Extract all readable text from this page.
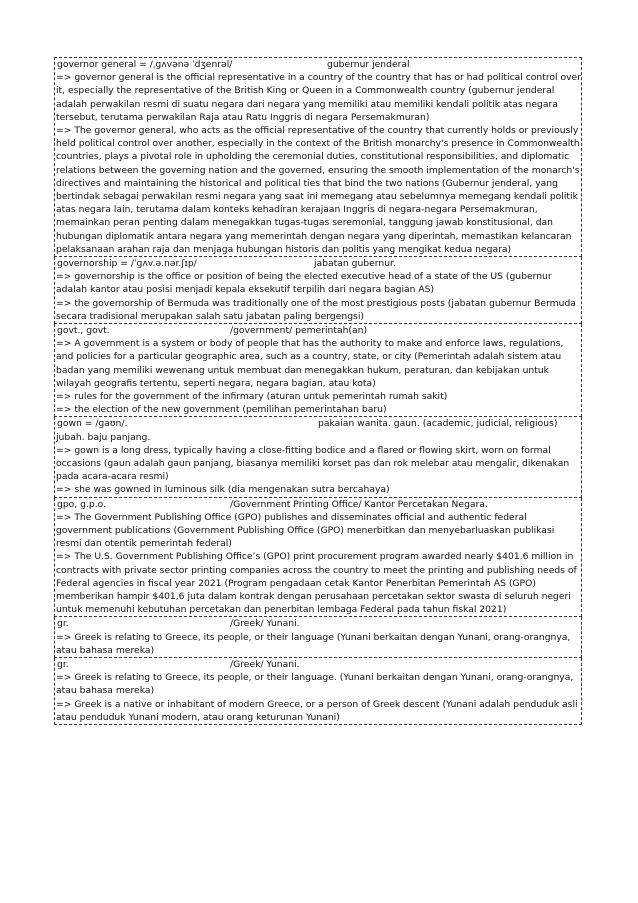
governor general = /ˌɡʌvənə ˈdʒenrəl/	gubernur jenderal
=> governor general is the official representative in a country of the country that has or had political control over it, especially the representative of the British King or Queen in a Commonwealth country (gubernur jenderal adalah perwakilan resmi di suatu negara dari negara yang memiliki atau memiliki kendali politik atas negara tersebut, terutama perwakilan Raja atau Ratu Inggris di negara Persemakmuran)
=> The governor general, who acts as the official representative of the country that currently holds or previously held political control over another, especially in the context of the British monarchy's presence in Commonwealth countries, plays a pivotal role in upholding the ceremonial duties, constitutional responsibilities, and diplomatic relations between the governing nation and the governed, ensuring the smooth implementation of the monarch's directives and maintaining the historical and political ties that bind the two nations (Gubernur jenderal, yang bertindak sebagai perwakilan resmi negara yang saat ini memegang atau sebelumnya memegang kendali politik atas negara lain, terutama dalam konteks kehadiran kerajaan Inggris di negara-negara Persemakmuran, memainkan peran penting dalam menegakkan tugas-tugas seremonial, tanggung jawab konstitusional, dan hubungan diplomatik antara negara yang memerintah dengan negara yang diperintah, memastikan kelancaran pelaksanaan arahan raja dan menjaga hubungan historis dan politis yang mengikat kedua negara)
governorship = /ˈɡʌv.ə.nər.ʃɪp/	jabatan gubernur.
=> governorship is the office or position of being the elected executive head of a state of the US (gubernur adalah kantor atau posisi menjadi kepala eksekutif terpilih dari negara bagian AS)
=> the governorship of Bermuda was traditionally one of the most prestigious posts (jabatan gubernur Bermuda secara tradisional merupakan salah satu jabatan paling bergengsi)
govt., govt.	/government/ pemerintah(an)
=> A government is a system or body of people that has the authority to make and enforce laws, regulations, and policies for a particular geographic area, such as a country, state, or city (Pemerintah adalah sistem atau badan yang memiliki wewenang untuk membuat dan menegakkan hukum, peraturan, dan kebijakan untuk wilayah geografis tertentu, seperti negara, negara bagian, atau kota)
=> rules for the government of the infirmary (aturan untuk pemerintah rumah sakit)
=> the election of the new government (pemilihan pemerintahan baru)
gown = /ɡaʊn/.	pakaian wanita. gaun. (academic, judicial, religious)
jubah. baju panjang.
=> gown is a long dress, typically having a close-fitting bodice and a flared or flowing skirt, worn on formal occasions (gaun adalah gaun panjang, biasanya memiliki korset pas dan rok melebar atau mengalir, dikenakan pada acara-acara resmi)
=> she was gowned in luminous silk (dia mengenakan sutra bercahaya)
gpo, g.p.o.	/Government Printing Office/ Kantor Percetakan Negara.
=> The Government Publishing Office (GPO) publishes and disseminates official and authentic federal government publications (Government Publishing Office (GPO) menerbitkan dan menyebarluaskan publikasi resmi dan otentik pemerintah federal)
=> The U.S. Government Publishing Office’s (GPO) print procurement program awarded nearly $401.6 million in contracts with private sector printing companies across the country to meet the printing and publishing needs of Federal agencies in fiscal year 2021 (Program pengadaan cetak Kantor Penerbitan Pemerintah AS (GPO) memberikan hampir $401,6 juta dalam kontrak dengan perusahaan percetakan sektor swasta di seluruh negeri untuk memenuhi kebutuhan percetakan dan penerbitan lembaga Federal pada tahun fiskal 2021)
gr.	/Greek/ Yunani.
=> Greek is relating to Greece, its people, or their language (Yunani berkaitan dengan Yunani, orang-orangnya, atau bahasa mereka)
gr.	/Greek/ Yunani.
=> Greek is relating to Greece, its people, or their language. (Yunani berkaitan dengan Yunani, orang-orangnya, atau bahasa mereka)
=> Greek is a native or inhabitant of modern Greece, or a person of Greek descent (Yunani adalah penduduk asli atau penduduk Yunani modern, atau orang keturunan Yunani)
